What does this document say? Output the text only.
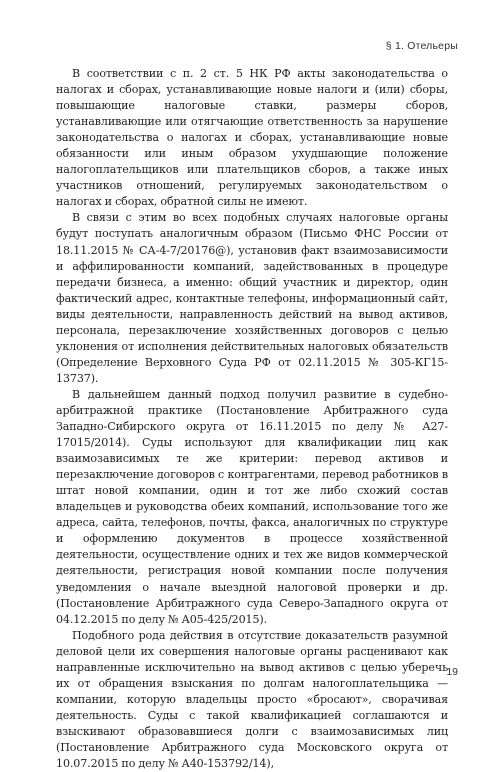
§ 1. Отельеры

В соответствии с п. 2 ст. 5 НК РФ акты законодательства о налогах и сборах, устанавливающие новые налоги и (или) сборы, повышающие налоговые ставки, размеры сборов, устанавливающие или отягчающие ответственность за нарушение законодательства о налогах и сборах, устанавливающие новые обязанности или иным образом ухудшающие положение налогоплательщиков или плательщиков сборов, а также иных участников отношений, регулируемых законодательством о налогах и сборах, обратной силы не имеют.

В связи с этим во всех подобных случаях налоговые органы будут поступать аналогичным образом (Письмо ФНС России от 18.11.2015 № СА-4-7/20176@), установив факт взаимозависимости и аффилированности компаний, задействованных в процедуре передачи бизнеса, а именно: общий участник и директор, один фактический адрес, контактные телефоны, информационный сайт, виды деятельности, направленность действий на вывод активов, персонала, перезаключение хозяйственных договоров с целью уклонения от исполнения действительных налоговых обязательств (Определение Верховного Суда РФ от 02.11.2015 № 305-КГ15-13737).

В дальнейшем данный подход получил развитие в судебно-арбитражной практике (Постановление Арбитражного суда Западно-Сибирского округа от 16.11.2015 по делу № А27-17015/2014). Суды используют для квалификации лиц как взаимозависимых те же критерии: перевод активов и перезаключение договоров с контрагентами, перевод работников в штат новой компании, один и тот же либо схожий состав владельцев и руководства обеих компаний, использование того же адреса, сайта, телефонов, почты, факса, аналогичных по структуре и оформлению документов в процессе хозяйственной деятельности, осуществление одних и тех же видов коммерческой деятельности, регистрация новой компании после получения уведомления о начале выездной налоговой проверки и др. (Постановление Арбитражного суда Северо-Западного округа от 04.12.2015 по делу № А05-425/2015).

Подобного рода действия в отсутствие доказательств разумной деловой цели их совершения налоговые органы расценивают как направленные исключительно на вывод активов с целью уберечь их от обращения взыскания по долгам налогоплательщика — компании, которую владельцы просто «бросают», сворачивая деятельность. Суды с такой квалификацией соглашаются и взыскивают образовавшиеся долги с взаимозависимых лиц (Постановление Арбитражного суда Московского округа от 10.07.2015 по делу № А40-153792/14),

19
